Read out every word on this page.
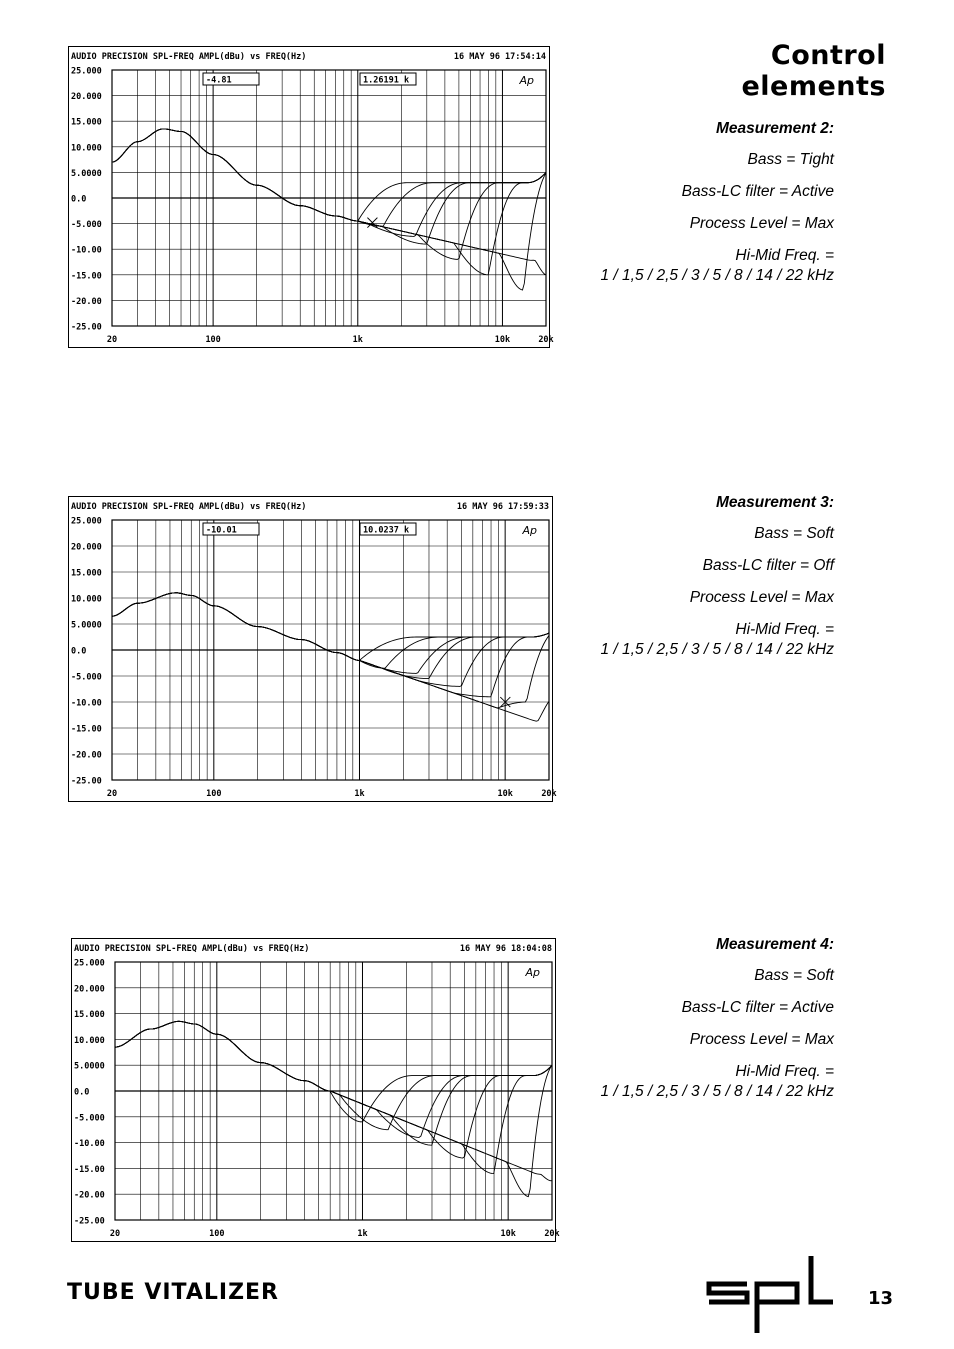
Control elements
AUDIO PRECISION SPL-FREQ AMPL(dBu) vs FREQ(Hz)	16 MAY 96 17:54:14
25.000
20.000
15.000
10.000
5.0000
0.0
-5.000
-10.00
-15.00
-20.00
-25.00
20	100	1k	10k	20k
-4.81	1.26191 k	Ap
AUDIO PRECISION SPL-FREQ AMPL(dBu) vs FREQ(Hz)	16 MAY 96 17:59:33
25.000
20.000
15.000
10.000
5.0000
0.0
-5.000
-10.00
-15.00
-20.00
-25.00
20	100	1k	10k	20k
-10.01	10.0237 k	Ap
AUDIO PRECISION SPL-FREQ AMPL(dBu) vs FREQ(Hz)	16 MAY 96 18:04:08
25.000
20.000
15.000
10.000
5.0000
0.0
-5.000
-10.00
-15.00
-20.00
-25.00
20	100	1k	10k	20k
Ap
Measurement 2:
Bass = Tight
Bass-LC filter = Active
Process Level = Max
Hi-Mid Freq. =
1 / 1,5 / 2,5 / 3 / 5 / 8 / 14 / 22 kHz
Measurement 3:
Bass = Soft
Bass-LC filter = Off
Process Level = Max
Hi-Mid Freq. =
1 / 1,5 / 2,5 / 3 / 5 / 8 / 14 / 22 kHz
Measurement 4:
Bass = Soft
Bass-LC filter = Active
Process Level = Max
Hi-Mid Freq. =
1 / 1,5 / 2,5 / 3 / 5 / 8 / 14 / 22 kHz
TUBE VITALIZER	13
